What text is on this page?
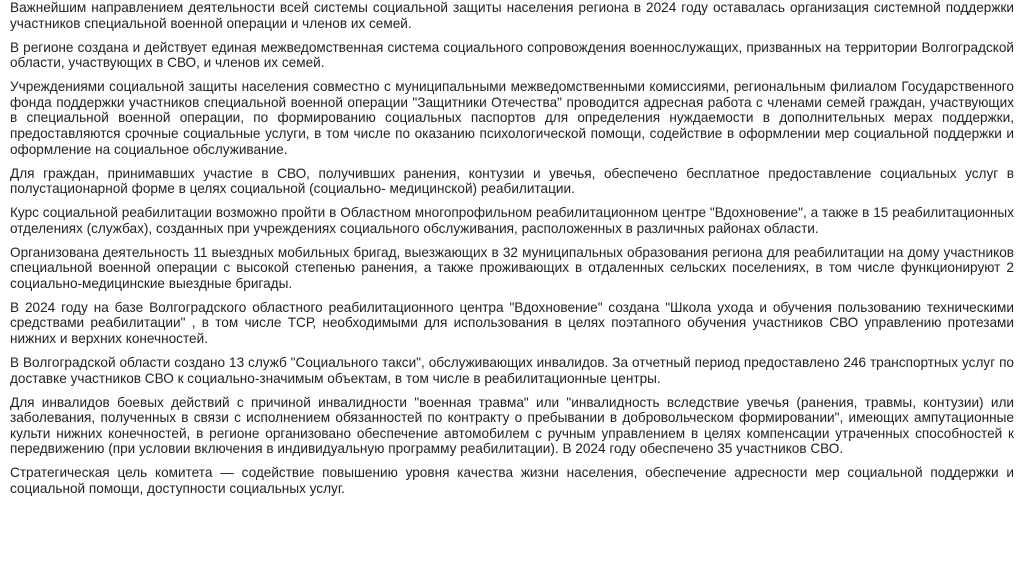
Важнейшим направлением деятельности всей системы социальной защиты населения региона в 2024 году оставалась организация системной поддержки участников специальной военной операции и членов их семей.

В регионе создана и действует единая межведомственная система социального сопровождения военнослужащих, призванных на территории Волгоградской области, участвующих в СВО, и членов их семей.

Учреждениями социальной защиты населения совместно с муниципальными межведомственными комиссиями, региональным филиалом Государственного фонда поддержки участников специальной военной операции "Защитники Отечества" проводится адресная работа с членами семей граждан, участвующих в специальной военной операции, по формированию социальных паспортов для определения нуждаемости в дополнительных мерах поддержки, предоставляются срочные социальные услуги, в том числе по оказанию психологической помощи, содействие в оформлении мер социальной поддержки и оформление на социальное обслуживание.

Для граждан, принимавших участие в СВО, получивших ранения, контузии и увечья, обеспечено бесплатное предоставление социальных услуг в полустационарной форме в целях социальной (социально- медицинской) реабилитации.

Курс социальной реабилитации возможно пройти в Областном многопрофильном реабилитационном центре "Вдохновение", а также в 15 реабилитационных отделениях (службах), созданных при учреждениях социального обслуживания, расположенных в различных районах области.

Организована деятельность 11 выездных мобильных бригад, выезжающих в 32 муниципальных образования региона для реабилитации на дому участников специальной военной операции с высокой степенью ранения, а также проживающих в отдаленных сельских поселениях, в том числе функционируют 2 социально-медицинские выездные бригады.

В 2024 году на базе Волгоградского областного реабилитационного центра "Вдохновение" создана "Школа ухода и обучения пользованию техническими средствами реабилитации" , в том числе ТСР, необходимыми для использования в целях поэтапного обучения участников СВО управлению протезами нижних и верхних конечностей.

В Волгоградской области создано 13 служб "Социального такси", обслуживающих инвалидов. За отчетный период предоставлено 246 транспортных услуг по доставке участников СВО к социально-значимым объектам, в том числе в реабилитационные центры.

Для инвалидов боевых действий с причиной инвалидности "военная травма" или "инвалидность вследствие увечья (ранения, травмы, контузии) или заболевания, полученных в связи с исполнением обязанностей по контракту о пребывании в добровольческом формировании", имеющих ампутационные культи нижних конечностей, в регионе организовано обеспечение автомобилем с ручным управлением в целях компенсации утраченных способностей к передвижению (при условии включения в индивидуальную программу реабилитации). В 2024 году обеспечено 35 участников СВО.

Стратегическая цель комитета — содействие повышению уровня качества жизни населения, обеспечение адресности мер социальной поддержки и социальной помощи, доступности социальных услуг.
